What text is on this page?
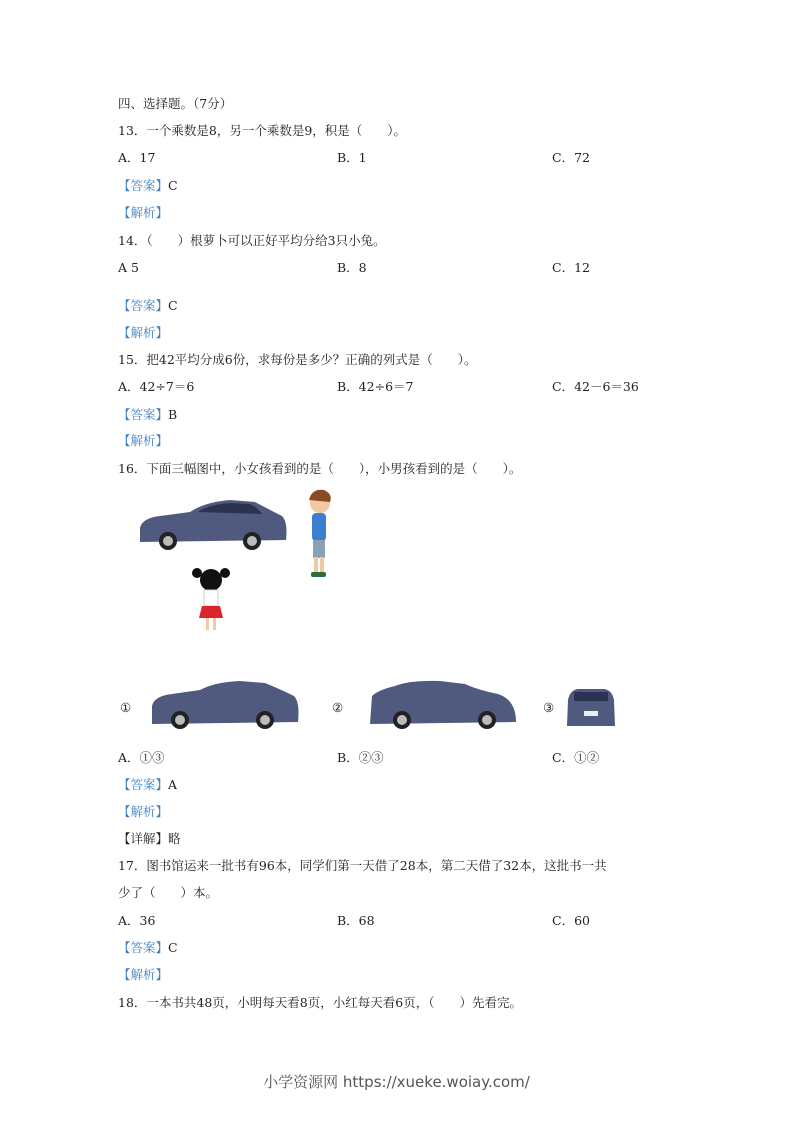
四、选择题。（7分）
13．一个乘数是8，另一个乘数是9，积是（　　）。
A．17	B．1	C．72
【答案】C
【解析】
14．（　　）根萝卜可以正好平均分给3只小兔。
A 5	B．8	C．12
【答案】C
【解析】
15．把42平均分成6份，求每份是多少？正确的列式是（　　）。
A．42÷7＝6	B．42÷6＝7	C．42－6＝36
【答案】B
【解析】
16．下面三幅图中，小女孩看到的是（　　），小男孩看到的是（　　）。
①	②	③
A．①③	B．②③	C．①②
【答案】A
【解析】
【详解】略
17．图书馆运来一批书有96本，同学们第一天借了28本，第二天借了32本，这批书一共
少了（　　）本。
A．36	B．68	C．60
【答案】C
【解析】
18．一本书共48页，小明每天看8页，小红每天看6页，（　　）先看完。
小学资源网 https://xueke.woiay.com/
